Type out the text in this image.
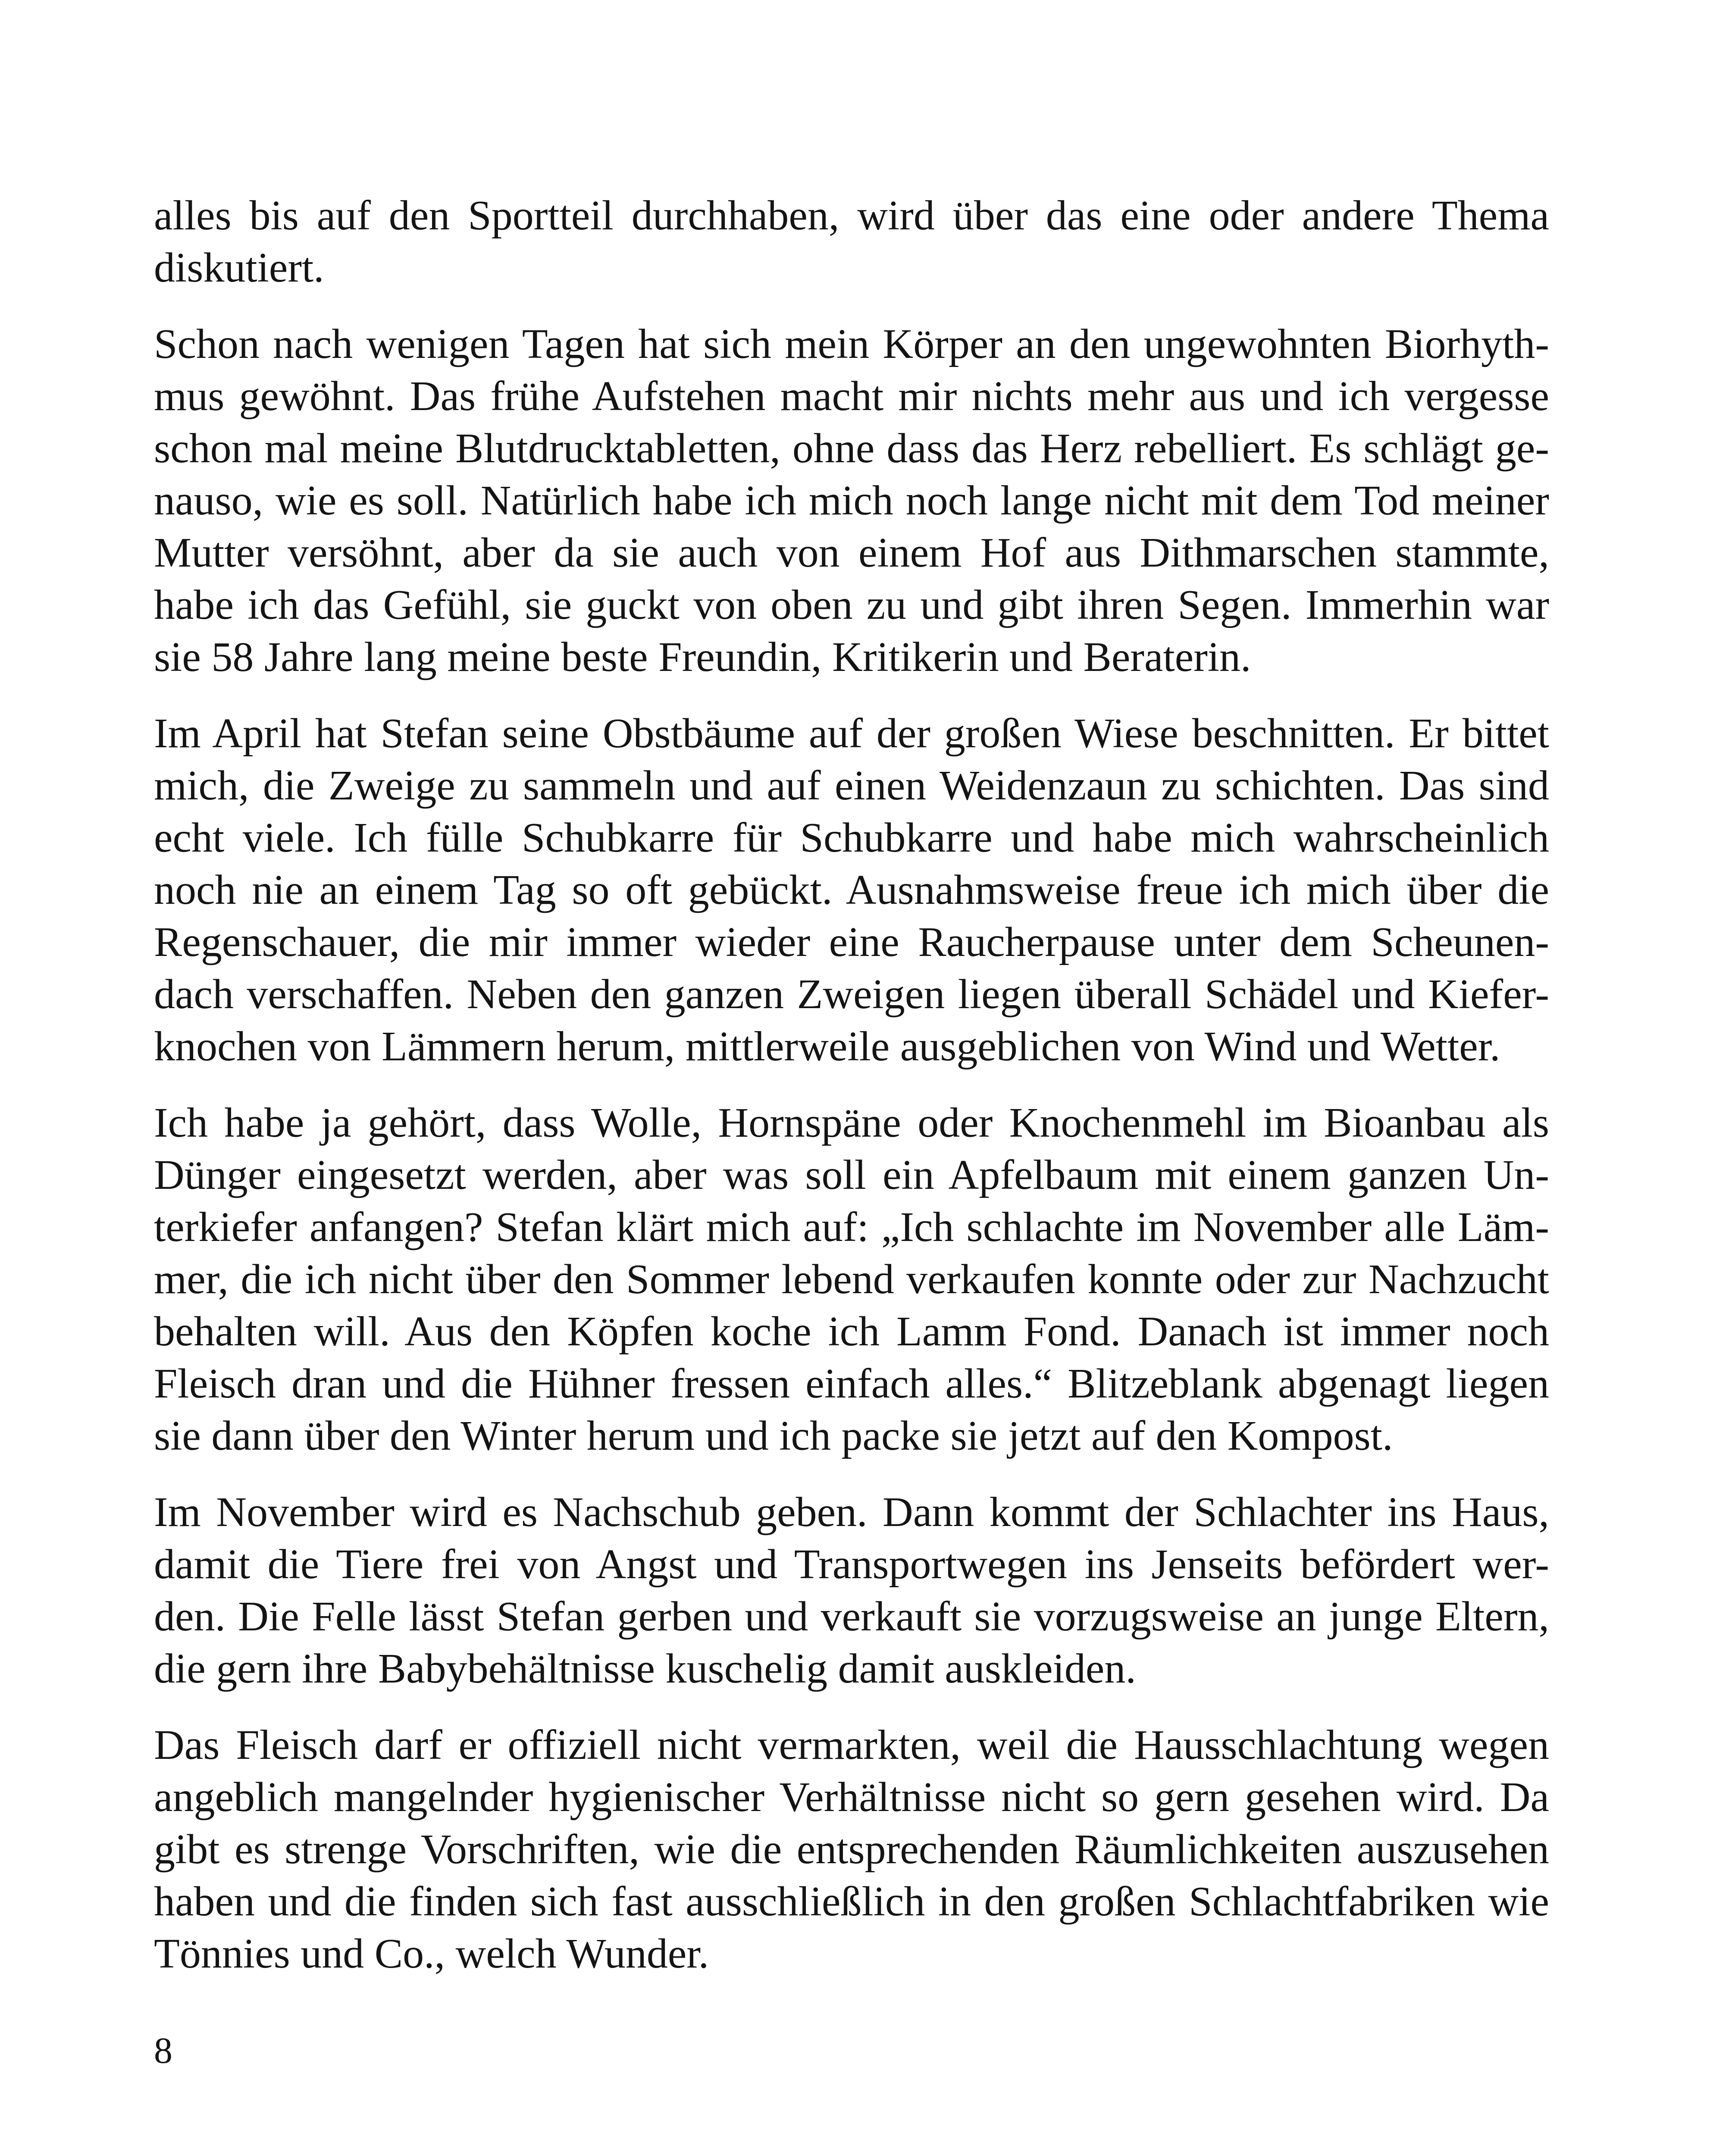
alles bis auf den Sportteil durchhaben, wird über das eine oder andere Thema
diskutiert.
Schon nach wenigen Tagen hat sich mein Körper an den ungewohnten Biorhyth-
mus gewöhnt. Das frühe Aufstehen macht mir nichts mehr aus und ich vergesse
schon mal meine Blutdrucktabletten, ohne dass das Herz rebelliert. Es schlägt ge-
nauso, wie es soll. Natürlich habe ich mich noch lange nicht mit dem Tod meiner
Mutter versöhnt, aber da sie auch von einem Hof aus Dithmarschen stammte,
habe ich das Gefühl, sie guckt von oben zu und gibt ihren Segen. Immerhin war
sie 58 Jahre lang meine beste Freundin, Kritikerin und Beraterin.
Im April hat Stefan seine Obstbäume auf der großen Wiese beschnitten. Er bittet
mich, die Zweige zu sammeln und auf einen Weidenzaun zu schichten. Das sind
echt viele. Ich fülle Schubkarre für Schubkarre und habe mich wahrscheinlich
noch nie an einem Tag so oft gebückt. Ausnahmsweise freue ich mich über die
Regenschauer, die mir immer wieder eine Raucherpause unter dem Scheunen-
dach verschaffen. Neben den ganzen Zweigen liegen überall Schädel und Kiefer-
knochen von Lämmern herum, mittlerweile ausgeblichen von Wind und Wetter.
Ich habe ja gehört, dass Wolle, Hornspäne oder Knochenmehl im Bioanbau als
Dünger eingesetzt werden, aber was soll ein Apfelbaum mit einem ganzen Un-
terkiefer anfangen? Stefan klärt mich auf: „Ich schlachte im November alle Läm-
mer, die ich nicht über den Sommer lebend verkaufen konnte oder zur Nachzucht
behalten will. Aus den Köpfen koche ich Lamm Fond. Danach ist immer noch
Fleisch dran und die Hühner fressen einfach alles.“ Blitzeblank abgenagt liegen
sie dann über den Winter herum und ich packe sie jetzt auf den Kompost.
Im November wird es Nachschub geben. Dann kommt der Schlachter ins Haus,
damit die Tiere frei von Angst und Transportwegen ins Jenseits befördert wer-
den. Die Felle lässt Stefan gerben und verkauft sie vorzugsweise an junge Eltern,
die gern ihre Babybehältnisse kuschelig damit auskleiden.
Das Fleisch darf er offiziell nicht vermarkten, weil die Hausschlachtung wegen
angeblich mangelnder hygienischer Verhältnisse nicht so gern gesehen wird. Da
gibt es strenge Vorschriften, wie die entsprechenden Räumlichkeiten auszusehen
haben und die finden sich fast ausschließlich in den großen Schlachtfabriken wie
Tönnies und Co., welch Wunder.
8
